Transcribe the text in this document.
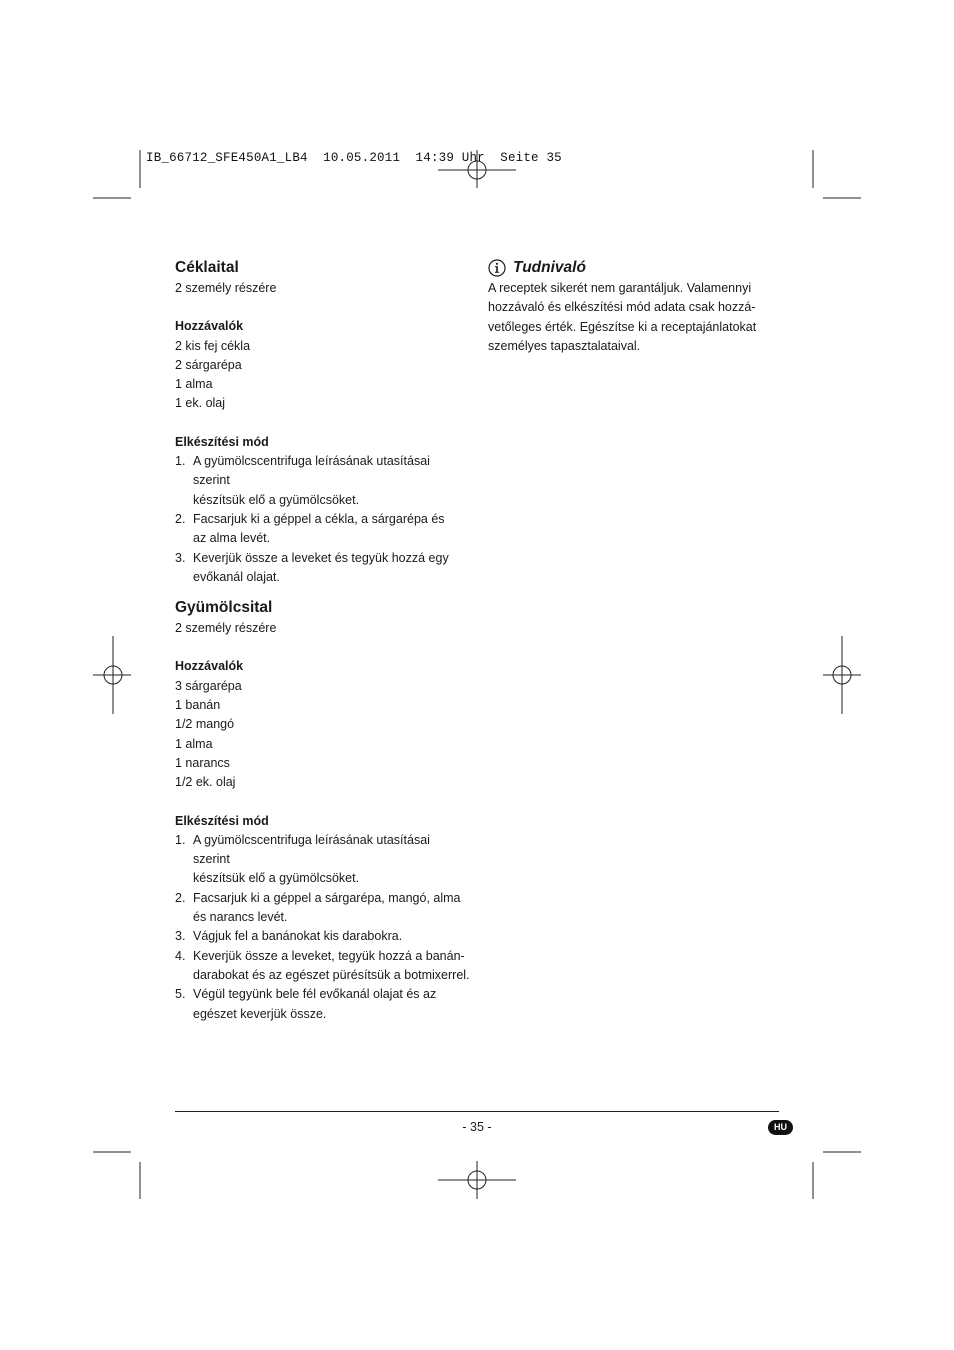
IB_66712_SFE450A1_LB4  10.05.2011  14:39 Uhr  Seite 35
Céklaital
2 személy részére
Hozzávalók
2 kis fej cékla
2 sárgarépa
1 alma
1 ek. olaj
Elkészítési mód
1. A gyümölcscentrifuga leírásának utasításai szerint
készítsük elő a gyümölcsöket.
2. Facsarjuk ki a géppel a cékla, a sárgarépa és
az alma levét.
3. Keverjük össze a leveket és tegyük hozzá egy
evőkanál olajat.
Gyümölcsital
2 személy részére
Hozzávalók
3 sárgarépa
1 banán
1/2 mangó
1 alma
1 narancs
1/2 ek. olaj
Elkészítési mód
1. A gyümölcscentrifuga leírásának utasításai szerint
készítsük elő a gyümölcsöket.
2. Facsarjuk ki a géppel a sárgarépa, mangó, alma
és narancs levét.
3. Vágjuk fel a banánokat kis darabokra.
4. Keverjük össze a leveket, tegyük hozzá a banán-
darabokat és az egészet pürésítsük a botmixerrel.
5. Végül tegyünk bele fél evőkanál olajat és az
egészet keverjük össze.
Tudnivaló
A receptek sikerét nem garantáljuk. Valamennyi
hozzávaló és elkészítési mód adata csak hozzá-
vetőleges érték. Egészítse ki a receptajánlatokat
személyes tapasztalataival.
- 35 -	HU
